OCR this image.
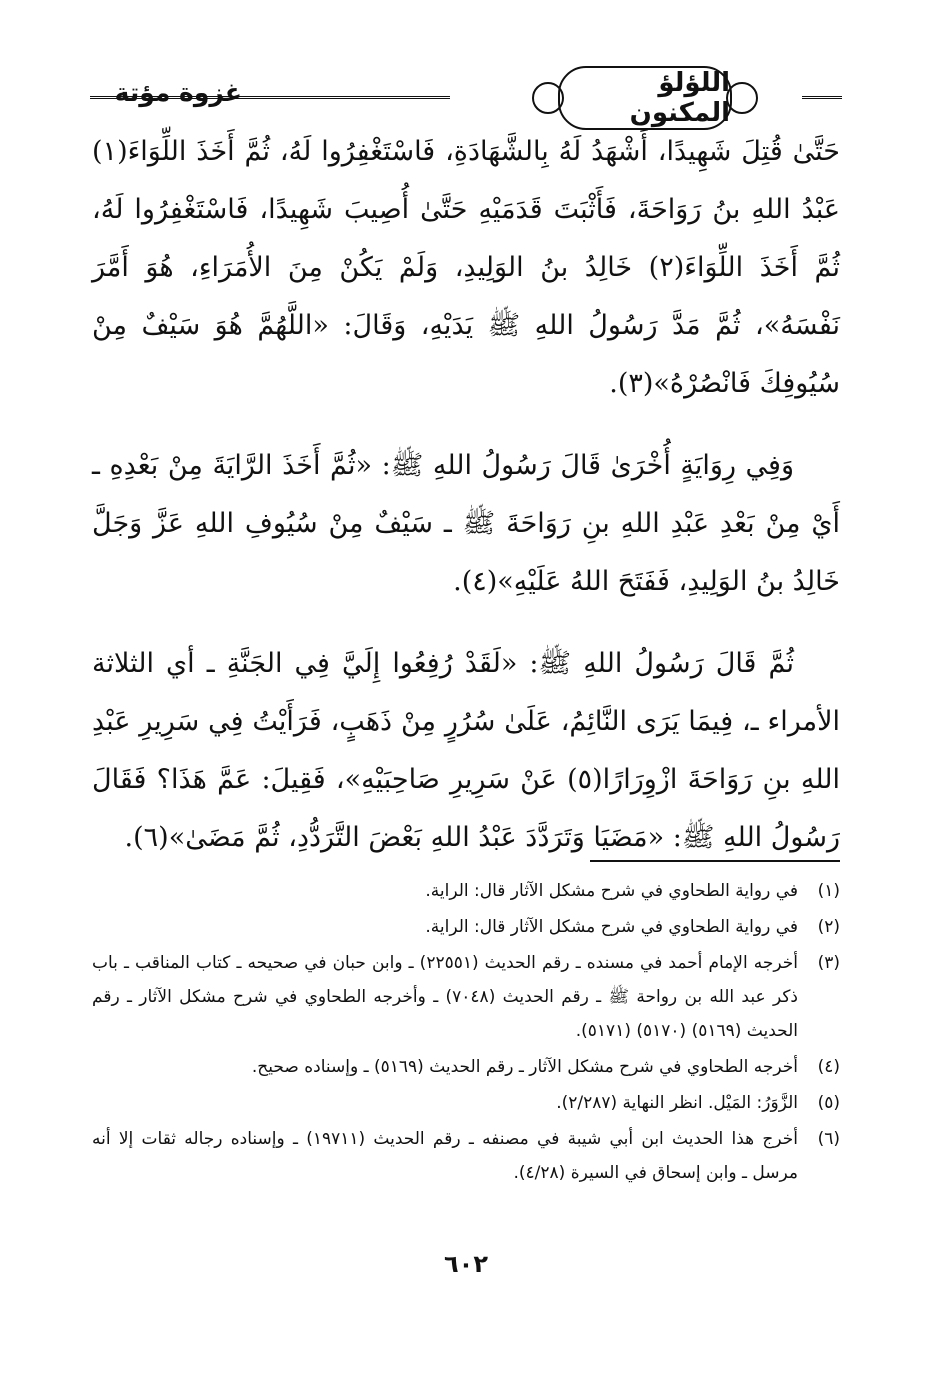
اللؤلؤ المكنون
غزوة مؤتة

حَتَّىٰ قُتِلَ شَهِيدًا، أَشْهَدُ لَهُ بِالشَّهَادَةِ، فَاسْتَغْفِرُوا لَهُ، ثُمَّ أَخَذَ اللِّوَاءَ(١) عَبْدُ اللهِ بنُ رَوَاحَةَ، فَأَثْبَتَ قَدَمَيْهِ حَتَّىٰ أُصِيبَ شَهِيدًا، فَاسْتَغْفِرُوا لَهُ، ثُمَّ أَخَذَ اللِّوَاءَ(٢) خَالِدُ بنُ الوَلِيدِ، وَلَمْ يَكُنْ مِنَ الأُمَرَاءِ، هُوَ أَمَّرَ نَفْسَهُ»، ثُمَّ مَدَّ رَسُولُ اللهِ ﷺ يَدَيْهِ، وَقَالَ: «اللَّهُمَّ هُوَ سَيْفٌ مِنْ سُيُوفِكَ فَانْصُرْهُ»(٣).

وَفِي رِوَايَةٍ أُخْرَىٰ قَالَ رَسُولُ اللهِ ﷺ: «ثُمَّ أَخَذَ الرَّايَةَ مِنْ بَعْدِهِ ـ أَيْ مِنْ بَعْدِ عَبْدِ اللهِ بنِ رَوَاحَةَ ﷺ ـ سَيْفٌ مِنْ سُيُوفِ اللهِ عَزَّ وَجَلَّ خَالِدُ بنُ الوَلِيدِ، فَفَتَحَ اللهُ عَلَيْهِ»(٤).

ثُمَّ قَالَ رَسُولُ اللهِ ﷺ: «لَقَدْ رُفِعُوا إِلَيَّ فِي الجَنَّةِ ـ أي الثلاثة الأمراء ـ، فِيمَا يَرَى النَّائِمُ، عَلَىٰ سُرُرٍ مِنْ ذَهَبٍ، فَرَأَيْتُ فِي سَرِيرِ عَبْدِ اللهِ بنِ رَوَاحَةَ ازْوِرَارًا(٥) عَنْ سَرِيرِ صَاحِبَيْهِ»، فَقِيلَ: عَمَّ هَذَا؟ فَقَالَ رَسُولُ اللهِ ﷺ: «مَضَيَا وَتَرَدَّدَ عَبْدُ اللهِ بَعْضَ التَّرَدُّدِ، ثُمَّ مَضَىٰ»(٦).

(١)
في رواية الطحاوي في شرح مشكل الآثار قال: الراية.
(٢)
في رواية الطحاوي في شرح مشكل الآثار قال: الراية.
(٣)
أخرجه الإمام أحمد في مسنده ـ رقم الحديث (٢٢٥٥١) ـ وابن حبان في صحيحه ـ كتاب المناقب ـ باب ذكر عبد الله بن رواحة ﷺ ـ رقم الحديث (٧٠٤٨) ـ وأخرجه الطحاوي في شرح مشكل الآثار ـ رقم الحديث (٥١٦٩) (٥١٧٠) (٥١٧١).
(٤)
أخرجه الطحاوي في شرح مشكل الآثار ـ رقم الحديث (٥١٦٩) ـ وإسناده صحيح.
(٥)
الزَّوَرُ: المَيْل. انظر النهاية (٢/٢٨٧).
(٦)
أخرج هذا الحديث ابن أبي شيبة في مصنفه ـ رقم الحديث (١٩٧١١) ـ وإسناده رجاله ثقات إلا أنه مرسل ـ وابن إسحاق في السيرة (٤/٢٨).
٦٠٢
